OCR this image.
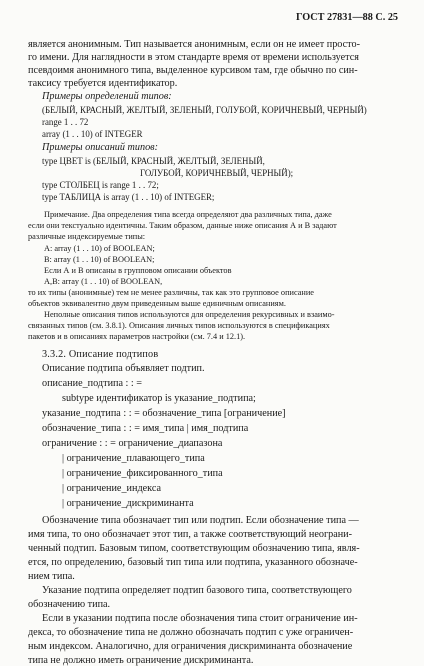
ГОСТ 27831—88 С. 25
является анонимным. Тип называется анонимным, если он не имеет просто-
го имени. Для наглядности в этом стандарте время от времени используется
псевдоимя анонимного типа, выделенное курсивом там, где обычно по син-
таксису требуется идентификатор.
Примеры определений типов:
(БЕЛЫЙ, КРАСНЫЙ, ЖЕЛТЫЙ, ЗЕЛЕНЫЙ, ГОЛУБОЙ, КОРИЧНЕВЫЙ, ЧЕРНЫЙ)
range 1 . . 72
array (1 . . 10) of INTEGER
Примеры описаний типов:
type ЦВЕТ is (БЕЛЫЙ, КРАСНЫЙ, ЖЕЛТЫЙ, ЗЕЛЕНЫЙ,
ГОЛУБОЙ, КОРИЧНЕВЫЙ, ЧЕРНЫЙ);
type СТОЛБЕЦ is range 1 . . 72;
type ТАБЛИЦА is array (1 . . 10) of INTEGER;
Примечание. Два определения типа всегда определяют два различных типа, даже
если они текстуально идентичны. Таким образом, данные ниже описания А и В задают
различные индексируемые типы:
A: array (1 . . 10) of BOOLEAN;
B: array (1 . . 10) of BOOLEAN;
Если А и В описаны в групповом описании объектов
A,B: array (1 . . 10) of BOOLEAN,
то их типы (анонимные) тем не менее различны, так как это групповое описание
объектов эквивалентно двум приведенным выше единичным описаниям.
Неполные описания типов используются для определения рекурсивных и взаимо-
связанных типов (см. 3.8.1). Описания личных типов используются в спецификациях
пакетов и в описаниях параметров настройки (см. 7.4 и 12.1).
3.3.2. Описание подтипов
Описание подтипа объявляет подтип.
описание_подтипа : : =
subtype идентификатор is указание_подтипа;
указание_подтипа : : = обозначение_типа [ограничение]
обозначение_типа : : = имя_типа | имя_подтипа
ограничение : : = ограничение_диапазона
| ограничение_плавающего_типа
| ограничение_фиксированного_типа
| ограничение_индекса
| ограничение_дискриминанта
Обозначение типа обозначает тип или подтип. Если обозначение типа —
имя типа, то оно обозначает этот тип, а также соответствующий неограни-
ченный подтип. Базовым типом, соответствующим обозначению типа, явля-
ется, по определению, базовый тип типа или подтипа, указанного обозначе-
нием типа.
Указание подтипа определяет подтип базового типа, соответствующего
обозначению типа.
Если в указании подтипа после обозначения типа стоит ограничение ин-
декса, то обозначение типа не должно обозначать подтип с уже ограничен-
ным индексом. Аналогично, для ограничения дискриминанта обозначение
типа не должно иметь ограничение дискриминанта.
